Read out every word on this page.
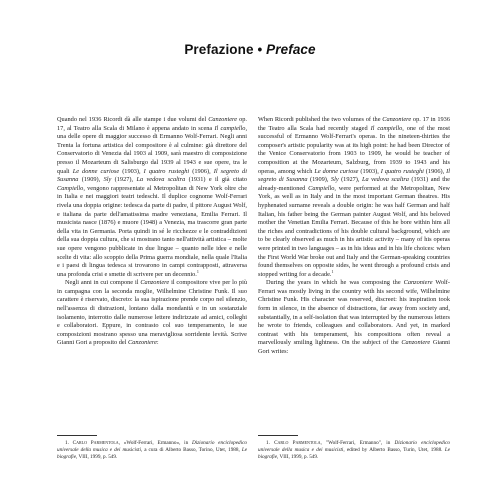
Prefazione • Preface

Quando nel 1936 Ricordi dà alle stampe i due volumi del Canzoniere op. 17, al Teatro alla Scala di Milano è appena andato in scena Il campiello, una delle opere di maggior successo di Ermanno Wolf-Ferrari. Negli anni Trenta la fortuna artistica del compositore è al culmine: già direttore del Conservatorio di Venezia dal 1903 al 1909, sarà maestro di composizione presso il Mozarteum di Salisburgo dal 1939 al 1943 e sue opere, tra le quali Le donne curiose (1903), I quatro rusteghi (1906), Il segreto di Susanna (1909), Sly (1927), La vedova scaltra (1931) e il già citato Campiello, vengono rappresentate al Metropolitan di New York oltre che in Italia e nei maggiori teatri tedeschi. Il duplice cognome Wolf-Ferrari rivela una doppia origine: tedesca da parte di padre, il pittore August Wolf, e italiana da parte dell'amatissima madre veneziana, Emilia Ferrari. Il musicista nasce (1876) e muore (1948) a Venezia, ma trascorre gran parte della vita in Germania. Porta quindi in sé le ricchezze e le contraddizioni della sua doppia cultura, che si mostrano tanto nell'attività artistica – molte sue opere vengono pubblicate in due lingue – quanto nelle idee e nelle scelte di vita: allo scoppio della Prima guerra mondiale, nella quale l'Italia e i paesi di lingua tedesca si trovarono in campi contrapposti, attraversa una profonda crisi e smette di scrivere per un decennio.$^1$

Negli anni in cui compone il Canzoniere il compositore vive per lo più in campagna con la seconda moglie, Wilhelmine Christine Funk. Il suo carattere è riservato, discreto: la sua ispirazione prende corpo nel silenzio, nell'assenza di distrazioni, lontano dalla mondanità e in un sostanziale isolamento, interrotto dalle numerose lettere indirizzate ad amici, colleghi e collaboratori. Eppure, in contrasto col suo temperamento, le sue composizioni mostrano spesso una meravigliosa sorridente levità. Scrive Gianni Gori a proposito del Canzoniere:

When Ricordi published the two volumes of the Canzoniere op. 17 in 1936 the Teatro alla Scala had recently staged Il campiello, one of the most successful of Ermanno Wolf-Ferrari's operas. In the nineteen-thirties the composer's artistic popularity was at its high point: he had been Director of the Venice Conservatorio from 1903 to 1909, he would be teacher of composition at the Mozarteum, Salzburg, from 1939 to 1943 and his operas, among which Le donne curiose (1903), I quatro rusteghi (1906), Il segreto di Susanna (1909), Sly (1927), La vedova scaltra (1931) and the already-mentioned Campiello, were performed at the Metropolitan, New York, as well as in Italy and in the most important German theatres. His hyphenated surname reveals a double origin: he was half German and half Italian, his father being the German painter August Wolf, and his beloved mother the Venetian Emilia Ferrari. Because of this he bore within him all the riches and contradictions of his double cultural background, which are to be clearly observed as much in his artistic activity – many of his operas were printed in two languages – as in his ideas and in his life choices: when the First World War broke out and Italy and the German-speaking countries found themselves on opposite sides, he went through a profound crisis and stopped writing for a decade.$^1$

During the years in which he was composing the Canzoniere Wolf-Ferrari was mostly living in the country with his second wife, Wilhelmine Christine Funk. His character was reserved, discreet: his inspiration took form in silence, in the absence of distractions, far away from society and, substantially, in a self-isolation that was interrupted by the numerous letters he wrote to friends, colleagues and collaborators. And yet, in marked contrast with his temperament, his compositions often reveal a marvellously smiling lightness. On the subject of the Canzoniere Gianni Gori writes:

1. Carlo Parmentola, «Wolf-Ferrari, Ermanno», in Dizionario enciclopedico universale della musica e dei musicisti, a cura di Alberto Basso, Torino, Utet, 1988, Le biografie, VIII, 1999, p. 549.
1. Carlo Parmentola, "Wolf-Ferrari, Ermanno", in Dizionario enciclopedico universale della musica e dei musicisti, edited by Alberto Basso, Turin, Utet, 1988. Le biografie, VIII, 1999, p. 549.
